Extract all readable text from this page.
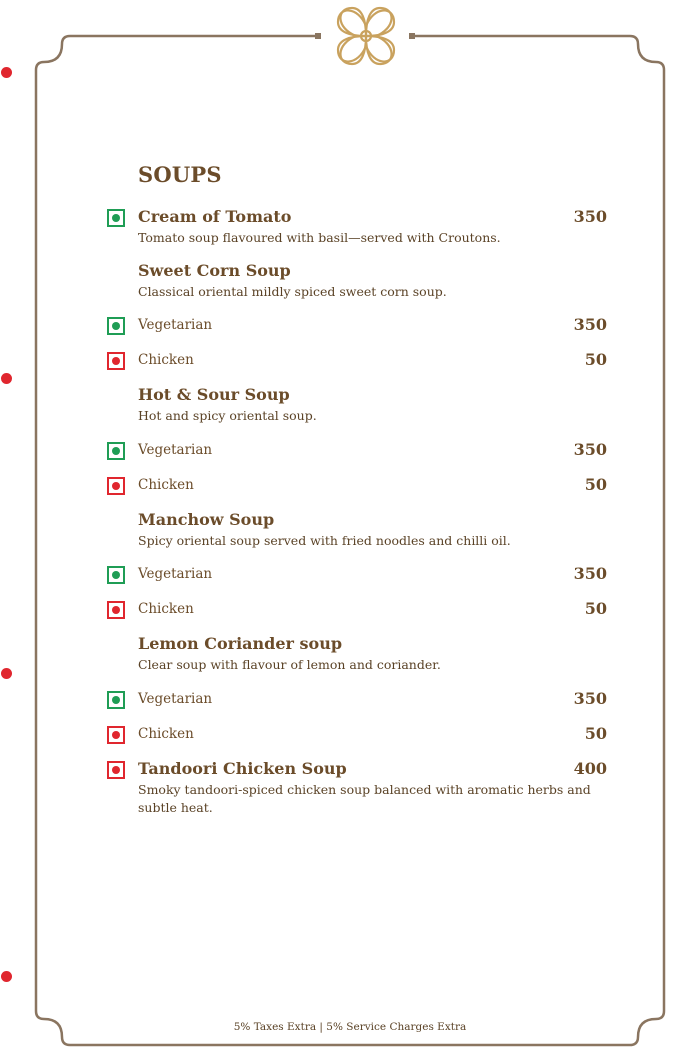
SOUPS
Cream of Tomato	350
Tomato soup flavoured with basil—served with Croutons.
Sweet Corn Soup
Classical oriental mildly spiced sweet corn soup.
Vegetarian	350
Chicken	50
Hot & Sour Soup
Hot and spicy oriental soup.
Vegetarian	350
Chicken	50
Manchow Soup
Spicy oriental soup served with fried noodles and chilli oil.
Vegetarian	350
Chicken	50
Lemon Coriander soup
Clear soup with flavour of lemon and coriander.
Vegetarian	350
Chicken	50
Tandoori Chicken Soup	400
Smoky tandoori-spiced chicken soup balanced with aromatic herbs and subtle heat.
5% Taxes Extra | 5% Service Charges Extra
